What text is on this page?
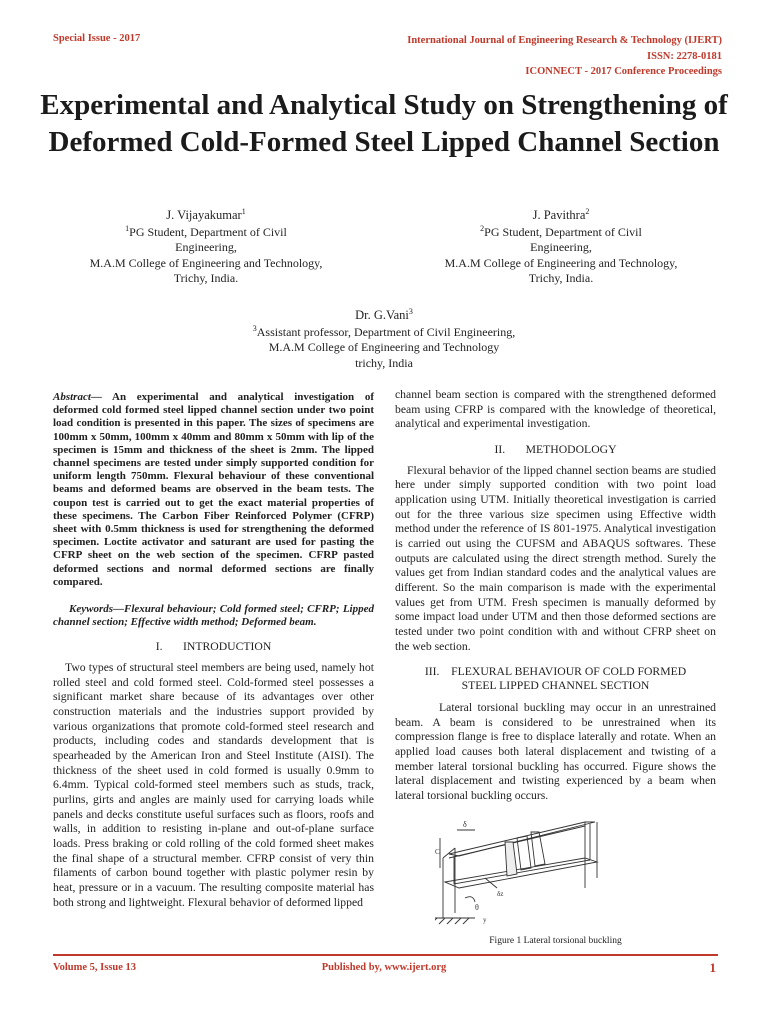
Special Issue - 2017	International Journal of Engineering Research & Technology (IJERT)
ISSN: 2278-0181
ICONNECT - 2017 Conference Proceedings
Experimental and Analytical Study on Strengthening of Deformed Cold-Formed Steel Lipped Channel Section
J. Vijayakumar$^1$
$^1$PG Student, Department of Civil
Engineering,
M.A.M College of Engineering and Technology,
Trichy, India.
J. Pavithra$^2$
$^2$PG Student, Department of Civil
Engineering,
M.A.M College of Engineering and Technology,
Trichy, India.
Dr. G.Vani$^3$
$^3$Assistant professor, Department of Civil Engineering,
M.A.M College of Engineering and Technology
trichy, India

Abstract— An experimental and analytical investigation of deformed cold formed steel lipped channel section under two point load condition is presented in this paper. The sizes of specimens are 100mm x 50mm, 100mm x 40mm and 80mm x 50mm with lip of the specimen is 15mm and thickness of the sheet is 2mm. The lipped channel specimens are tested under simply supported condition for uniform length 750mm. Flexural behaviour of these conventional beams and deformed beams are observed in the beam tests. The coupon test is carried out to get the exact material properties of these specimens. The Carbon Fiber Reinforced Polymer (CFRP) sheet with 0.5mm thickness is used for strengthening the deformed specimen. Loctite activator and saturant are used for pasting the CFRP sheet on the web section of the specimen. CFRP pasted deformed sections and normal deformed sections are finally compared.

Keywords—Flexural behaviour; Cold formed steel; CFRP; Lipped channel section; Effective width method; Deformed beam.

I.       INTRODUCTION

Two types of structural steel members are being used, namely hot rolled steel and cold formed steel. Cold-formed steel possesses a significant market share because of its advantages over other construction materials and the industries support provided by various organizations that promote cold-formed steel research and products, including codes and standards development that is spearheaded by the American Iron and Steel Institute (AISI). The thickness of the sheet used in cold formed is usually 0.9mm to 6.4mm. Typical cold-formed steel members such as studs, track, purlins, girts and angles are mainly used for carrying loads while panels and decks constitute useful surfaces such as floors, roofs and walls, in addition to resisting in-plane and out-of-plane surface loads. Press braking or cold rolling of the cold formed sheet makes the final shape of a structural member. CFRP consist of very thin filaments of carbon bound together with plastic polymer resin by heat, pressure or in a vacuum. The resulting composite material has both strong and lightweight. Flexural behavior of deformed lipped

channel beam section is compared with the strengthened deformed beam using CFRP is compared with the knowledge of theoretical, analytical and experimental investigation.

II.       METHODOLOGY

Flexural behavior of the lipped channel section beams are studied here under simply supported condition with two point load application using UTM. Initially theoretical investigation is carried out for the three various size specimen using Effective width method under the reference of IS 801-1975. Analytical investigation is carried out using the CUFSM and ABAQUS softwares. These outputs are calculated using the direct strength method. Surely the values get from Indian standard codes and the analytical values are different. So the main comparison is made with the experimental values get from UTM. Fresh specimen is manually deformed by some impact load under UTM and then those deformed sections are tested under two point condition with and without CFRP sheet on the web section.

III.    FLEXURAL BEHAVIOUR OF COLD FORMED
STEEL LIPPED CHANNEL SECTION

Lateral torsional buckling may occur in an unrestrained beam. A beam is considered to be unrestrained when its compression flange is free to displace laterally and rotate. When an applied load causes both lateral displacement and twisting of a member lateral torsional buckling has occurred. Figure shows the lateral displacement and twisting experienced by a beam when lateral torsional buckling occurs.

δ
C
θ
δz
y

Figure 1 Lateral torsional buckling

Volume 5, Issue 13	Published by, www.ijert.org	1
